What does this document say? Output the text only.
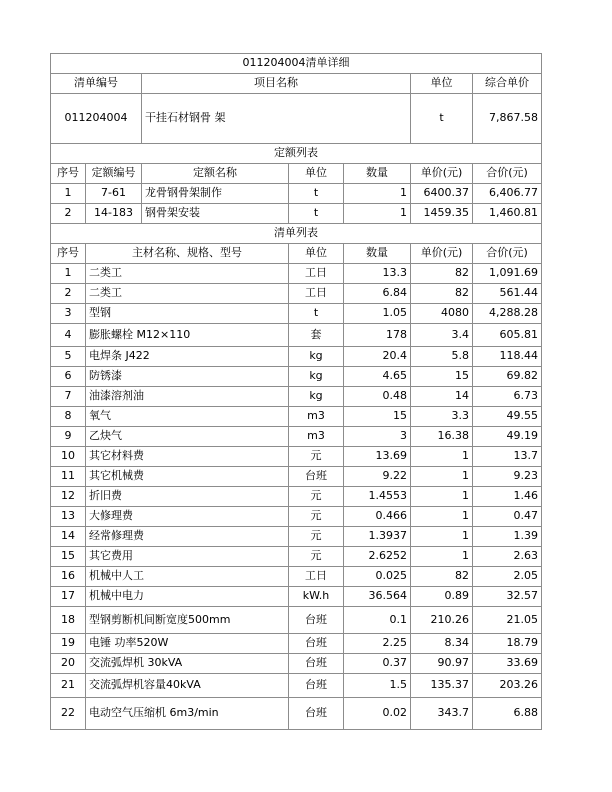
011204004清单详细						
清单编号		项目名称			单位	综合单价
011204004		干挂石材钢骨 架			t	7,867.58
定额列表						
序号	定额编号	定额名称	单位	数量	单价(元)	合价(元)
1	7-61	龙骨钢骨架制作	t	1	6400.37	6,406.77
2	14-183	钢骨架安装	t	1	1459.35	1,460.81
清单列表						
序号	主材名称、规格、型号		单位	数量	单价(元)	合价(元)
1	二类工		工日	13.3	82	1,091.69
2	二类工		工日	6.84	82	561.44
3	型钢		t	1.05	4080	4,288.28
4	膨胀螺栓 M12×110		套	178	3.4	605.81
5	电焊条 J422		kg	20.4	5.8	118.44
6	防锈漆		kg	4.65	15	69.82
7	油漆溶剂油		kg	0.48	14	6.73
8	氧气		m3	15	3.3	49.55
9	乙炔气		m3	3	16.38	49.19
10	其它材料费		元	13.69	1	13.7
11	其它机械费		台班	9.22	1	9.23
12	折旧费		元	1.4553	1	1.46
13	大修理费		元	0.466	1	0.47
14	经常修理费		元	1.3937	1	1.39
15	其它费用		元	2.6252	1	2.63
16	机械中人工		工日	0.025	82	2.05
17	机械中电力		kW.h	36.564	0.89	32.57
18	型钢剪断机间断宽度500mm		台班	0.1	210.26	21.05
19	电锤 功率520W		台班	2.25	8.34	18.79
20	交流弧焊机 30kVA		台班	0.37	90.97	33.69
21	交流弧焊机容量40kVA		台班	1.5	135.37	203.26
22	电动空气压缩机 6m3/min		台班	0.02	343.7	6.88
